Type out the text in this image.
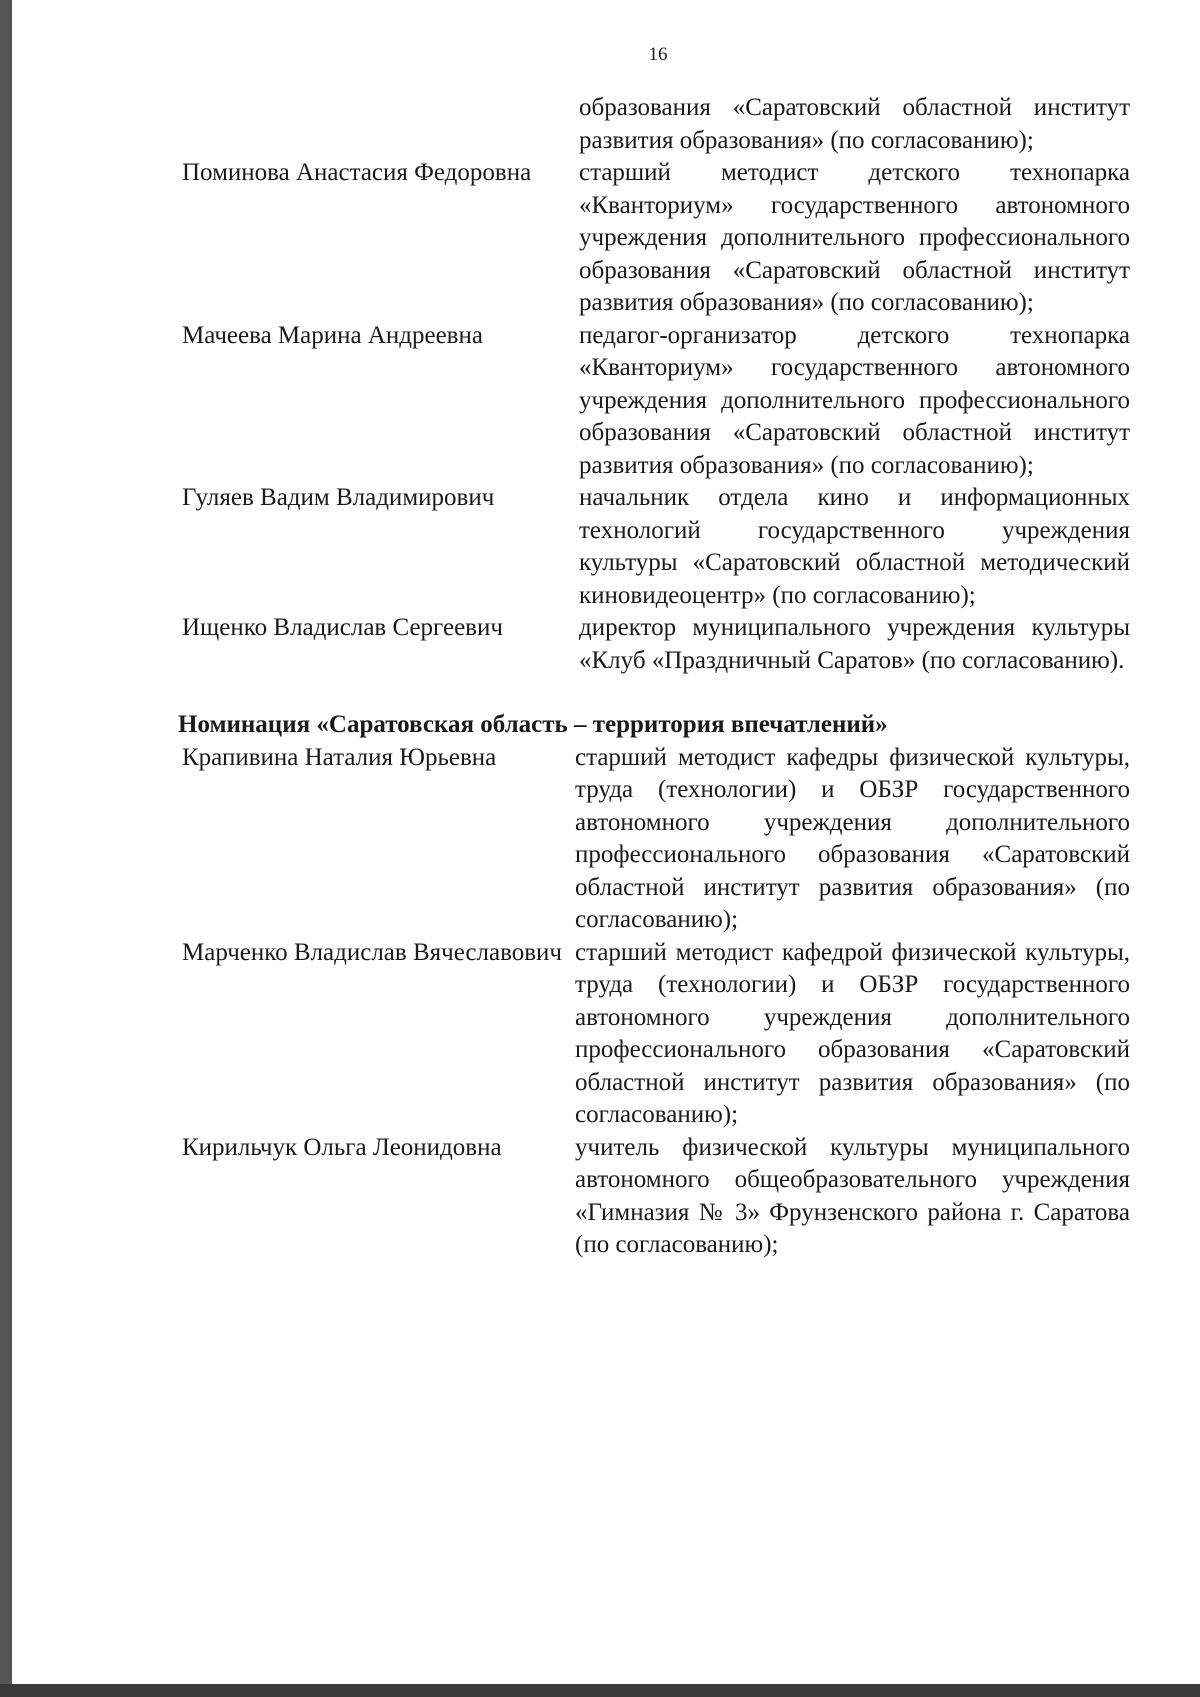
16
образования «Саратовский областной институт развития образования» (по согласованию);
Поминова Анастасия Федоровна	старший методист детского технопарка «Кванториум» государственного автономного учреждения дополнительного профессионального образования «Саратовский областной институт развития образования» (по согласованию);
Мачеева Марина Андреевна	педагог-организатор детского технопарка «Кванториум» государственного автономного учреждения дополнительного профессионального образования «Саратовский областной институт развития образования» (по согласованию);
Гуляев Вадим Владимирович	начальник отдела кино и информационных технологий государственного учреждения культуры «Саратовский областной методический киновидеоцентр» (по согласованию);
Ищенко Владислав Сергеевич	директор муниципального учреждения культуры «Клуб «Праздничный Саратов» (по согласованию).
Номинация «Саратовская область – территория впечатлений»
Крапивина Наталия Юрьевна	старший методист кафедры физической культуры, труда (технологии) и ОБЗР государственного автономного учреждения дополнительного профессионального образования «Саратовский областной институт развития образования» (по согласованию);
Марченко Владислав Вячеславович старший методист кафедрой физической культуры, труда (технологии) и ОБЗР государственного автономного учреждения дополнительного профессионального образования «Саратовский областной институт развития образования» (по согласованию);
Кирильчук Ольга Леонидовна	учитель физической культуры муниципального автономного общеобразовательного учреждения «Гимназия № 3» Фрунзенского района г. Саратова (по согласованию);
